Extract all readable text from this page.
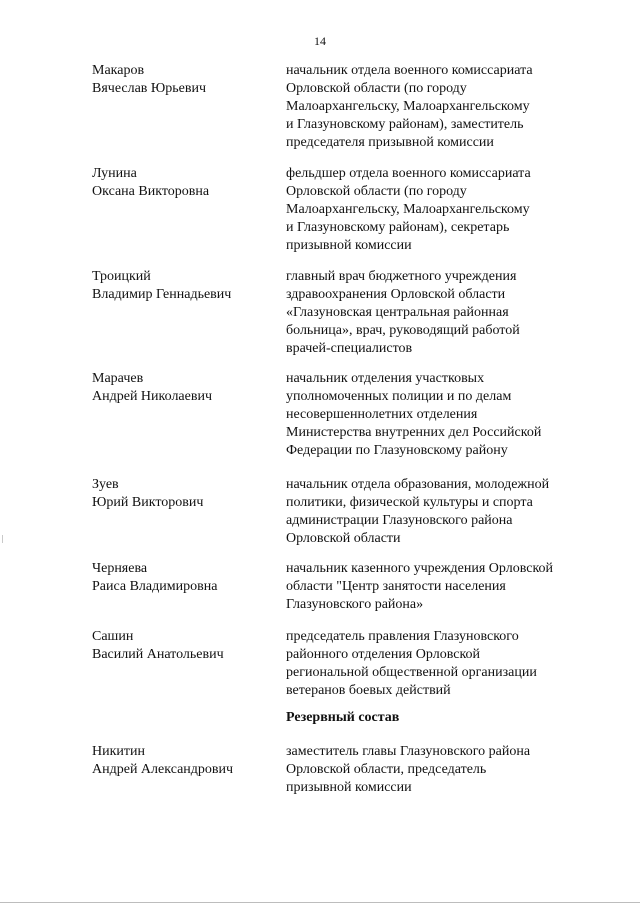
14
Макаров
Вячеслав Юрьевич
начальник отдела военного комиссариата
Орловской области (по городу
Малоархангельску, Малоархангельскому
и Глазуновскому районам), заместитель
председателя призывной комиссии
Лунина
Оксана Викторовна
фельдшер отдела военного комиссариата
Орловской области (по городу
Малоархангельску, Малоархангельскому
и Глазуновскому районам), секретарь
призывной комиссии
Троицкий
Владимир Геннадьевич
главный врач бюджетного учреждения
здравоохранения Орловской области
«Глазуновская центральная районная
больница», врач, руководящий работой
врачей-специалистов
Марачев
Андрей Николаевич
начальник отделения участковых
уполномоченных полиции и по делам
несовершеннолетних отделения
Министерства внутренних дел Российской
Федерации по Глазуновскому району
Зуев
Юрий Викторович
начальник отдела образования, молодежной
политики, физической культуры и спорта
администрации Глазуновского района
Орловской области
Черняева
Раиса Владимировна
начальник казенного учреждения Орловской
области "Центр занятости населения
Глазуновского района»
Сашин
Василий Анатольевич
председатель правления Глазуновского
районного отделения Орловской
региональной общественной организации
ветеранов боевых действий
Резервный состав
Никитин
Андрей Александрович
заместитель главы Глазуновского района
Орловской области, председатель
призывной комиссии
